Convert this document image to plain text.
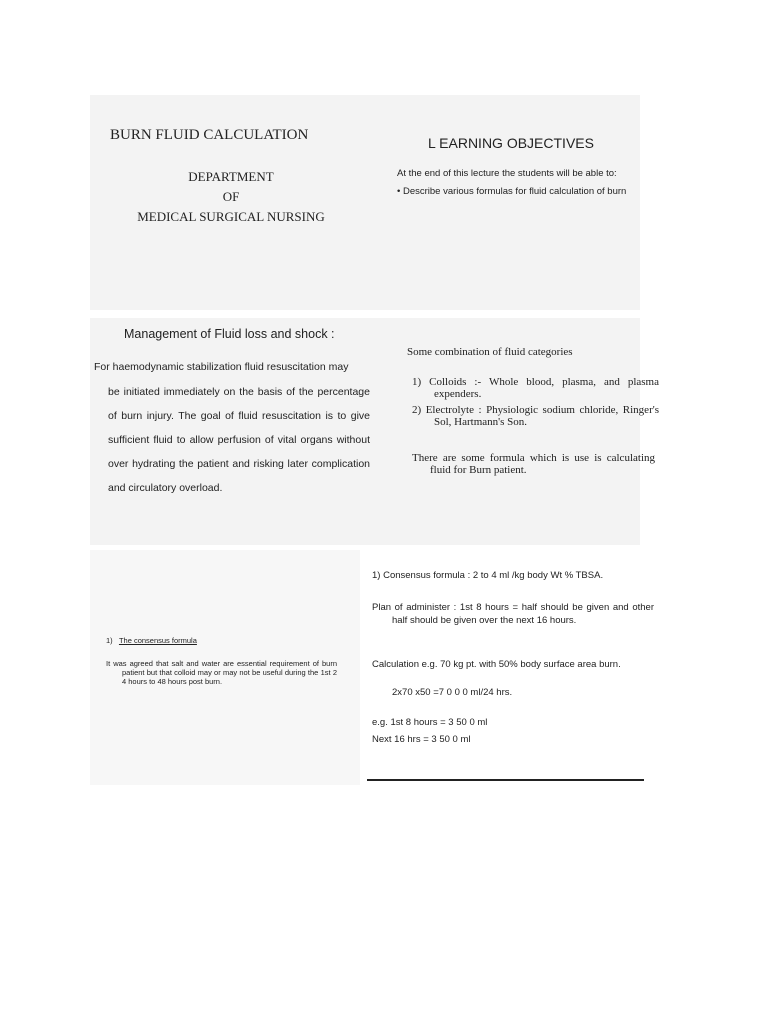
BURN FLUID CALCULATION

DEPARTMENT
OF
MEDICAL SURGICAL NURSING

L EARNING OBJECTIVES

At the end of this lecture the students will be able to:

• Describe various formulas for fluid calculation of burn

Management of Fluid loss and shock :

For haemodynamic stabilization fluid resuscitation may

be initiated immediately on the basis of the percentage of burn injury. The goal of fluid resuscitation is to give sufficient fluid to allow perfusion of vital organs without over hydrating the patient and risking later complication and circulatory overload.

Some combination of fluid categories

1) Colloids :- Whole blood, plasma, and plasma expenders.

2) Electrolyte : Physiologic sodium chloride, Ringer's Sol, Hartmann's Son.

There are some formula which is use is calculating fluid for Burn patient.

1) The consensus formula

It was agreed that salt and water are essential requirement of burn patient but that colloid may or may not be useful during the 1st 2 4 hours to 48 hours post burn.

1) Consensus formula : 2 to 4 ml /kg body Wt % TBSA.

Plan of administer : 1st 8 hours = half should be given and other half should be given over the next 16 hours.

Calculation e.g. 70 kg pt. with 50% body surface area burn.

2x70 x50 =7 0 0 0 ml/24 hrs.

e.g. 1st 8 hours = 3 50 0 ml

Next 16 hrs = 3 50 0 ml
